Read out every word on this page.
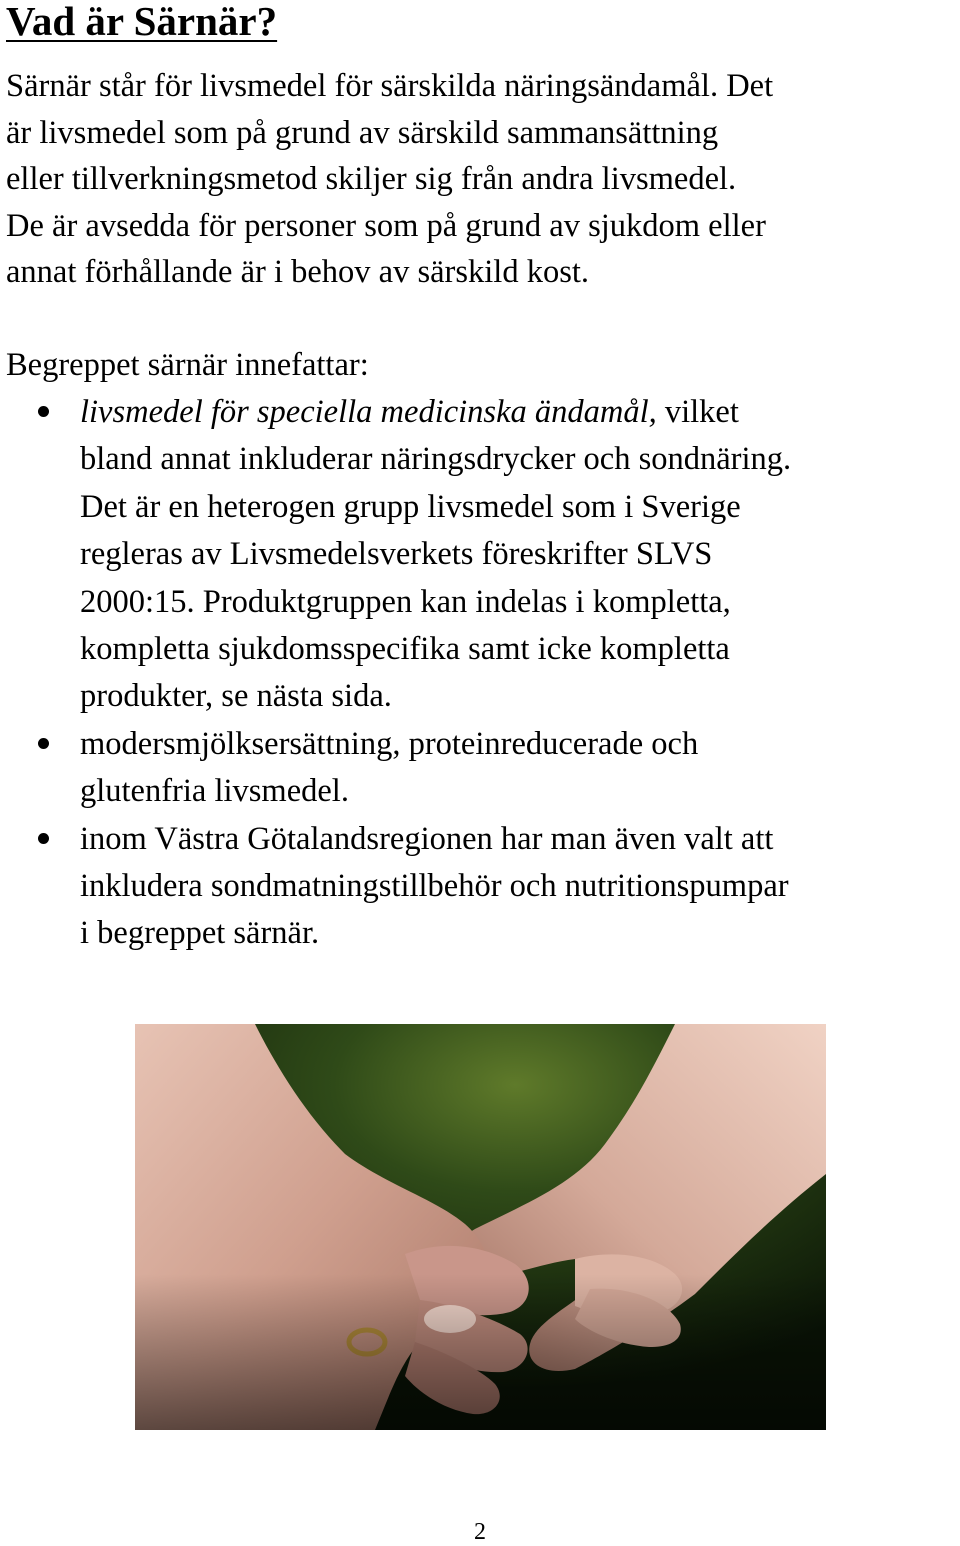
Vad är Särnär?

Särnär står för livsmedel för särskilda näringsändamål. Det
är livsmedel som på grund av särskild sammansättning
eller tillverkningsmetod skiljer sig från andra livsmedel.
De är avsedda för personer som på grund av sjukdom eller
annat förhållande är i behov av särskild kost.

Begreppet särnär innefattar:

livsmedel för speciella medicinska ändamål, vilket
bland annat inkluderar näringsdrycker och sondnäring.
Det är en heterogen grupp livsmedel som i Sverige
regleras av Livsmedelsverkets föreskrifter SLVS
2000:15. Produktgruppen kan indelas i kompletta,
kompletta sjukdomsspecifika samt icke kompletta
produkter, se nästa sida.
modersmjölksersättning, proteinreducerade och
glutenfria livsmedel.
inom Västra Götalandsregionen har man även valt att
inkludera sondmatningstillbehör och nutritionspumpar
i begreppet särnär.
2
